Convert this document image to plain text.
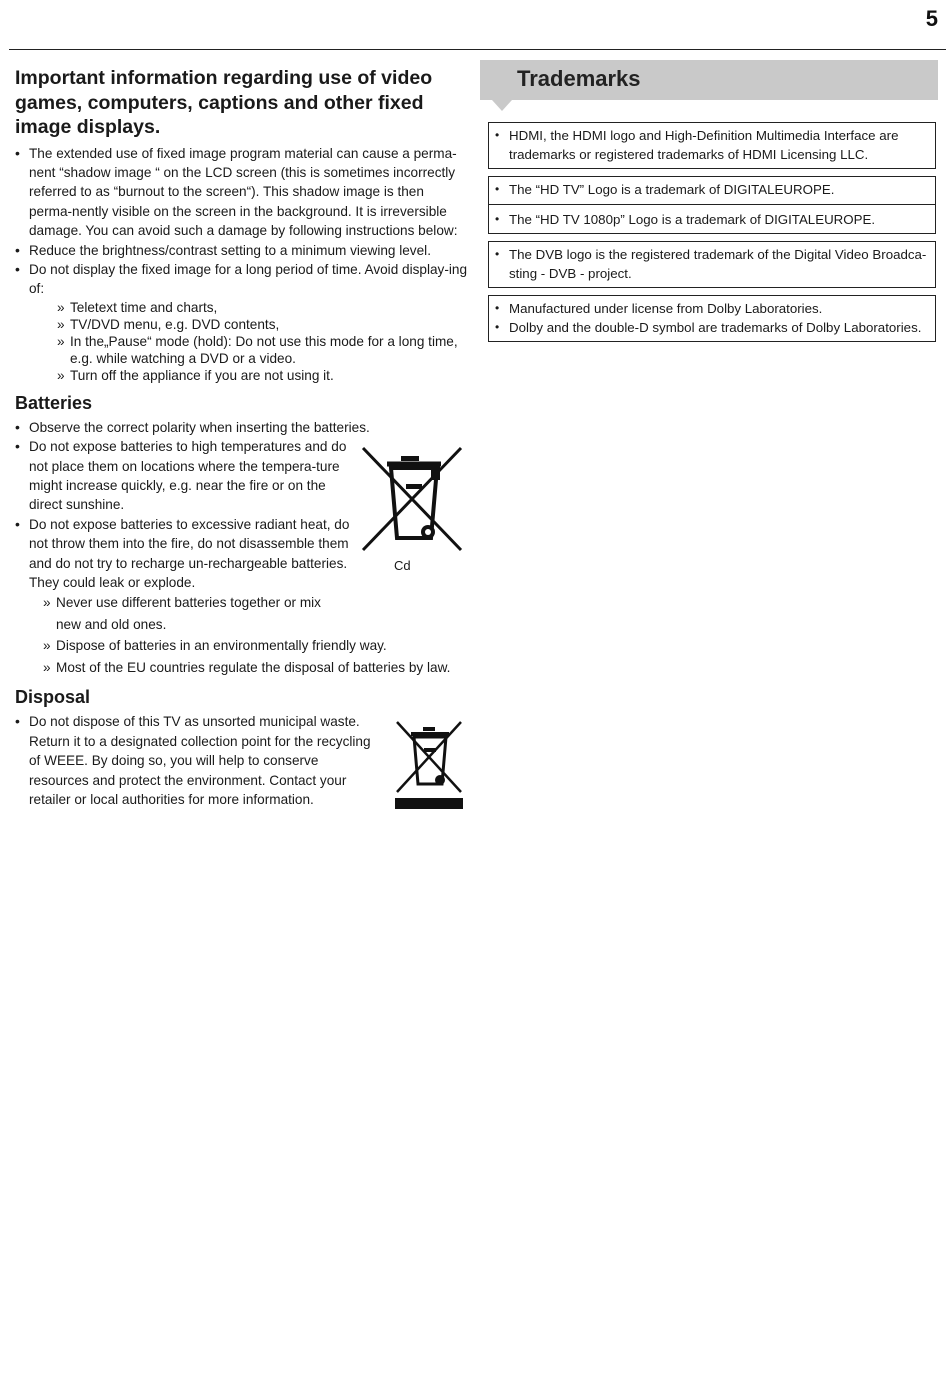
5
Important information regarding use of video games, computers, captions and other fixed image displays.
• The extended use of fixed image program material can cause a perma-nent “shadow image “ on the LCD screen (this is sometimes incorrectly referred to as “burnout to the screen“). This shadow image is then perma-nently visible on the screen in the background. It is irreversible damage. You can avoid such a damage by following instructions below:
• Reduce the brightness/contrast setting to a minimum viewing level.
• Do not display the fixed image for a long period of time. Avoid display-ing of:
» Teletext time and charts,
» TV/DVD menu, e.g. DVD contents,
» In the„Pause“ mode (hold): Do not use this mode for a long time, e.g. while watching a DVD or a video.
» Turn off the appliance if you are not using it.
Batteries
• Observe the correct polarity when inserting the batteries.
• Do not expose batteries to high temperatures and do not place them on locations where the tempera-ture might increase quickly, e.g. near the fire or on the direct sunshine.
• Do not expose batteries to excessive radiant heat, do not throw them into the fire, do not disassemble them and do not try to recharge un-rechargeable batteries. They could leak or explode.
» Never use different batteries together or mix new and old ones.
» Dispose of batteries in an environmentally friendly way.
» Most of the EU countries regulate the disposal of batteries by law.
Cd
Disposal
• Do not dispose of this TV as unsorted municipal waste. Return it to a designated collection point for the recycling of WEEE. By doing so, you will help to conserve resources and protect the environment. Contact your retailer or local authorities for more information.
Trademarks
• HDMI, the HDMI logo and High-Definition Multimedia Interface are trademarks or registered trademarks of HDMI Licensing LLC.
• The “HD TV” Logo is a trademark of DIGITALEUROPE.
• The “HD TV 1080p” Logo is a trademark of DIGITALEUROPE.
• The DVB logo is the registered trademark of the Digital Video Broadca-sting - DVB - project.
• Manufactured under license from Dolby Laboratories.
• Dolby and the double-D symbol are trademarks of Dolby Laboratories.
